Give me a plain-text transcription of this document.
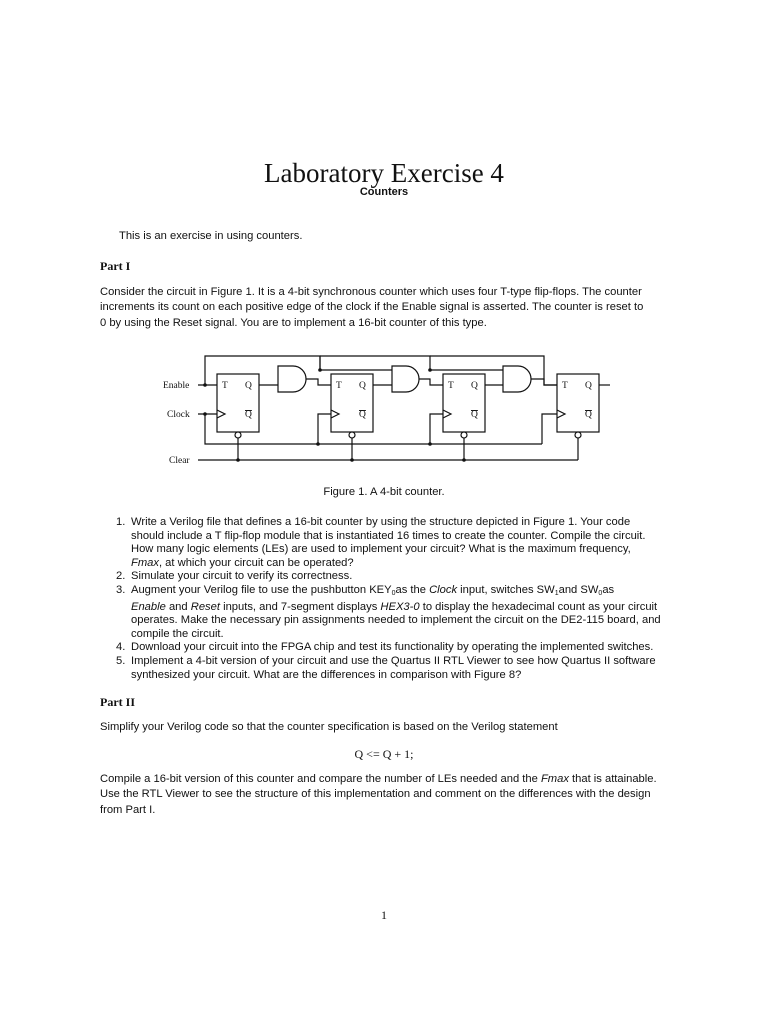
Laboratory Exercise 4
Counters
This is an exercise in using counters.
Part I
Consider the circuit in Figure 1. It is a 4-bit synchronous counter which uses four T-type flip-flops. The counter
increments its count on each positive edge of the clock if the Enable signal is asserted. The counter is reset to
0 by using the Reset signal. You are to implement a 16-bit counter of this type.
Enable
Clock
Clear
T Q
Q
T Q
Q
T Q
Q
T Q
Q
Figure 1. A 4-bit counter.
1. Write a Verilog file that defines a 16-bit counter by using the structure depicted in Figure 1. Your code
should include a T flip-flop module that is instantiated 16 times to create the counter. Compile the circuit.
How many logic elements (LEs) are used to implement your circuit? What is the maximum frequency,
Fmax, at which your circuit can be operated?
2. Simulate your circuit to verify its correctness.
3. Augment your Verilog file to use the pushbutton $KEY_0as$ the Clock input, switches $SW_1and$ $SW_0as$
Enable and Reset inputs, and 7-segment displays HEX3-0 to display the hexadecimal count as your circuit
operates. Make the necessary pin assignments needed to implement the circuit on the DE2-115 board, and
compile the circuit.
4. Download your circuit into the FPGA chip and test its functionality by operating the implemented switches.
5. Implement a 4-bit version of your circuit and use the Quartus II RTL Viewer to see how Quartus II software
synthesized your circuit. What are the differences in comparison with Figure 8?
Part II
Simplify your Verilog code so that the counter specification is based on the Verilog statement
Q <= Q + 1;
Compile a 16-bit version of this counter and compare the number of LEs needed and the Fmax that is attainable.
Use the RTL Viewer to see the structure of this implementation and comment on the differences with the design
from Part I.
1
